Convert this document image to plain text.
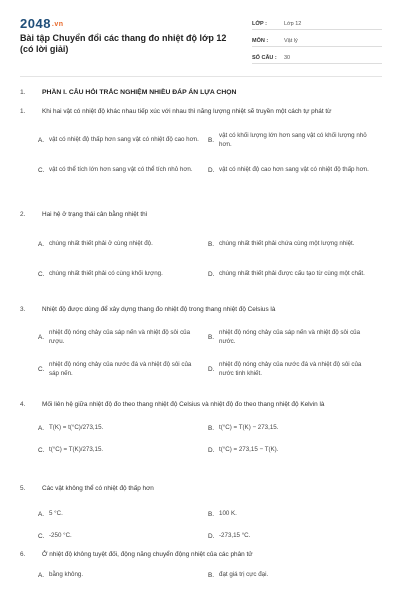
2048.vn
Bài tập Chuyển đổi các thang đo nhiệt độ lớp 12 (có lời giải)
LỚP :	Lớp 12
MÔN :	Vật lý
SỐ CÂU :	30
1.	PHẦN I. CÂU HỎI TRẮC NGHIỆM NHIỀU ĐÁP ÁN LỰA CHỌN
1.	Khi hai vật có nhiệt độ khác nhau tiếp xúc với nhau thì năng lượng nhiệt sẽ truyền một cách tự phát từ
A. vật có nhiệt độ thấp hơn sang vật có nhiệt độ cao hơn. B.
vật có khối lượng lớn hơn sang vật có khối lượng nhỏ hơn.
C. vật có thể tích lớn hơn sang vật có thể tích nhỏ hơn.	D. vật có nhiệt độ cao hơn sang vật có nhiệt độ thấp hơn.
2.	Hai hệ ở trạng thái cân bằng nhiệt thì
A. chúng nhất thiết phải ở cùng nhiệt độ.	B. chúng nhất thiết phải chứa cùng một lượng nhiệt.
C. chúng nhất thiết phải có cùng khối lượng.	D. chúng nhất thiết phải được cấu tạo từ cùng một chất.
3.	Nhiệt độ được dùng để xây dựng thang đo nhiệt độ trong thang nhiệt độ Celsius là
A.
nhiệt độ nóng chảy của sáp nến và nhiệt độ sôi của rượu.
B.
nhiệt độ nóng chảy của sáp nến và nhiệt độ sôi của nước.
C.
nhiệt độ nóng chảy của nước đá và nhiệt độ sôi của sáp nến.
D.
nhiệt độ nóng chảy của nước đá và nhiệt độ sôi của nước tinh khiết.
4.	Mối liên hệ giữa nhiệt độ đo theo thang nhiệt độ Celsius và nhiệt độ đo theo thang nhiệt độ Kelvin là
A. T(K) = t(°C)/273,15.	B. t(°C) = T(K) − 273,15.
C. t(°C) = T(K)/273,15.	D. t(°C) = 273,15 − T(K).
5.	Các vật không thể có nhiệt độ thấp hơn
A. 5 °C.	B. 100 K.
C. -250 °C.	D. -273,15 °C.
6.	Ở nhiệt độ không tuyệt đối, động năng chuyển động nhiệt của các phân tử
A. bằng không.	B. đạt giá trị cực đại.
